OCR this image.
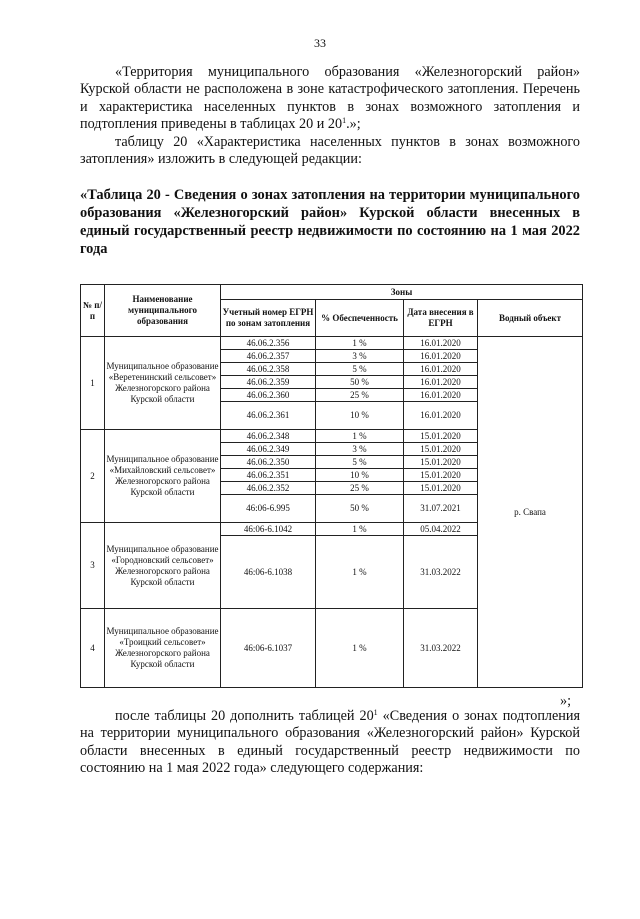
33

«Территория муниципального образования «Железногорский район» Курской области не расположена в зоне катастрофического затопления. Перечень и характеристика населенных пунктов в зонах возможного затопления и подтопления приведены в таблицах 20 и $20^1$.»;

таблицу 20 «Характеристика населенных пунктов в зонах возможного затопления» изложить в следующей редакции:

«Таблица 20 - Сведения о зонах затопления на территории муниципального образования «Железногорский район» Курской области внесенных в единый государственный реестр недвижимости по состоянию на 1 мая 2022 года

№ п/п	Наименование муниципального образования	Зоны			
		Учетный номер ЕГРН по зонам затопления	% Обеспеченность	Дата внесения в ЕГРН	Водный объект
1	Муниципальное образование «Веретенинский сельсовет» Железногорского района Курской области	46.06.2.356	1 %	16.01.2020	р. Свапа
		46.06.2.357	3 %	16.01.2020	
		46.06.2.358	5 %	16.01.2020	
		46.06.2.359	50 %	16.01.2020	
		46.06.2.360	25 %	16.01.2020	
		46.06.2.361	10 %	16.01.2020	
2	Муниципальное образование «Михайловский сельсовет» Железногорского района Курской области	46.06.2.348	1 %	15.01.2020	
		46.06.2.349	3 %	15.01.2020	
		46.06.2.350	5 %	15.01.2020	
		46.06.2.351	10 %	15.01.2020	
		46.06.2.352	25 %	15.01.2020	
		46:06-6.995	50 %	31.07.2021	
3	Муниципальное образование «Городновский сельсовет» Железногорского района Курской области	46:06-6.1042	1 %	05.04.2022	
		46:06-6.1038	1 %	31.03.2022	
4	Муниципальное образование «Троицкий сельсовет» Железногорского района Курской области	46:06-6.1037	1 %	31.03.2022	
»;

после таблицы 20 дополнить таблицей $20^1$ «Сведения о зонах подтопления на территории муниципального образования «Железногорский район» Курской области внесенных в единый государственный реестр недвижимости по состоянию на 1 мая 2022 года» следующего содержания:
